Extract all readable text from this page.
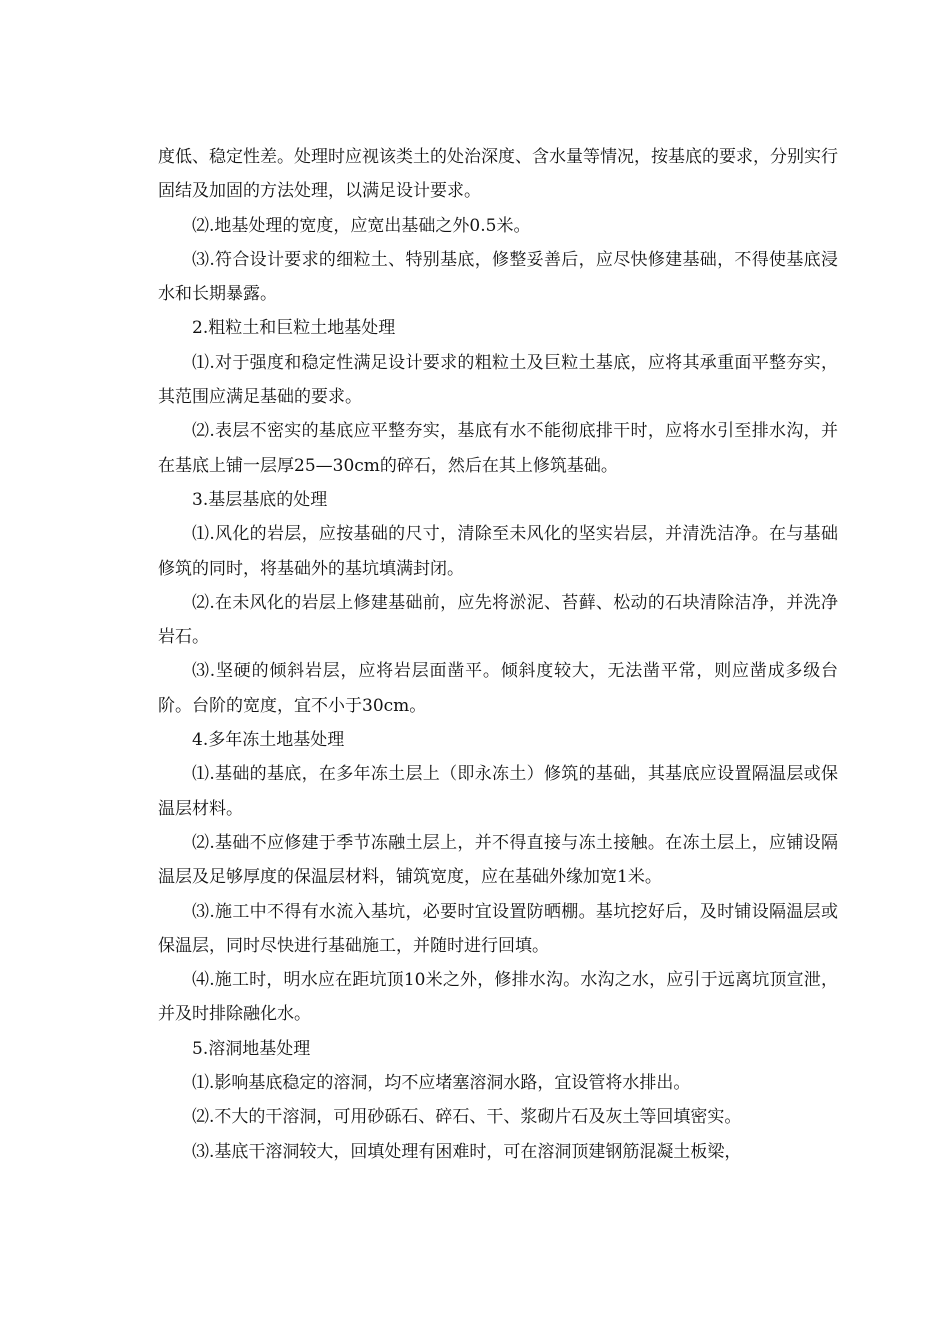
度低、稳定性差。处理时应视该类土的处治深度、含水量等情况，按基底的要求，分别实行固结及加固的方法处理，以满足设计要求。

⑵.地基处理的宽度，应宽出基础之外0.5米。

⑶.符合设计要求的细粒土、特别基底，修整妥善后，应尽快修建基础，不得使基底浸水和长期暴露。

2.粗粒土和巨粒土地基处理

⑴.对于强度和稳定性满足设计要求的粗粒土及巨粒土基底，应将其承重面平整夯实，其范围应满足基础的要求。

⑵.表层不密实的基底应平整夯实，基底有水不能彻底排干时，应将水引至排水沟，并在基底上铺一层厚25—30cm的碎石，然后在其上修筑基础。

3.基层基底的处理

⑴.风化的岩层，应按基础的尺寸，清除至未风化的坚实岩层，并清洗洁净。在与基础修筑的同时，将基础外的基坑填满封闭。

⑵.在未风化的岩层上修建基础前，应先将淤泥、苔藓、松动的石块清除洁净，并洗净岩石。

⑶.坚硬的倾斜岩层，应将岩层面凿平。倾斜度较大，无法凿平常，则应凿成多级台阶。台阶的宽度，宜不小于30cm。

4.多年冻土地基处理

⑴.基础的基底，在多年冻土层上（即永冻土）修筑的基础，其基底应设置隔温层或保温层材料。

⑵.基础不应修建于季节冻融土层上，并不得直接与冻土接触。在冻土层上，应铺设隔温层及足够厚度的保温层材料，铺筑宽度，应在基础外缘加宽1米。

⑶.施工中不得有水流入基坑，必要时宜设置防晒棚。基坑挖好后，及时铺设隔温层或保温层，同时尽快进行基础施工，并随时进行回填。

⑷.施工时，明水应在距坑顶10米之外，修排水沟。水沟之水，应引于远离坑顶宣泄，并及时排除融化水。

5.溶洞地基处理

⑴.影响基底稳定的溶洞，均不应堵塞溶洞水路，宜设管将水排出。

⑵.不大的干溶洞，可用砂砾石、碎石、干、浆砌片石及灰土等回填密实。

⑶.基底干溶洞较大，回填处理有困难时，可在溶洞顶建钢筋混凝土板梁，
